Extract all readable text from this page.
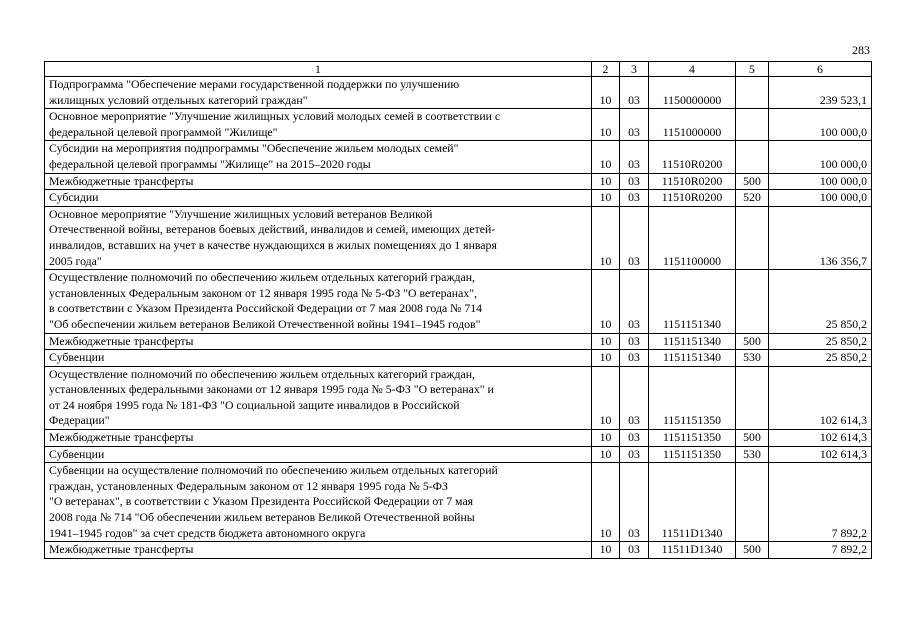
283
1	2	3	4	5	6
Подпрограмма "Обеспечение мерами государственной поддержки по улучшению
жилищных условий отдельных категорий граждан"	10	03	1150000000		239 523,1
Основное мероприятие "Улучшение жилищных условий молодых семей в соответствии с
федеральной целевой программой "Жилище"	10	03	1151000000		100 000,0
Субсидии на мероприятия подпрограммы "Обеспечение жильем молодых семей"
федеральной целевой программы "Жилище" на 2015–2020 годы	10	03	11510R0200		100 000,0
Межбюджетные трансферты	10	03	11510R0200	500	100 000,0
Субсидии	10	03	11510R0200	520	100 000,0
Основное мероприятие "Улучшение жилищных условий ветеранов Великой
Отечественной войны, ветеранов боевых действий, инвалидов и семей, имеющих детей-
инвалидов, вставших на учет в качестве нуждающихся в жилых помещениях до 1 января
2005 года"	10	03	1151100000		136 356,7
Осуществление полномочий по обеспечению жильем отдельных категорий граждан,
установленных Федеральным законом от 12 января 1995 года № 5-ФЗ "О ветеранах",
в соответствии с Указом Президента Российской Федерации от 7 мая 2008 года № 714
"Об обеспечении жильем ветеранов Великой Отечественной войны 1941–1945 годов"	10	03	1151151340		25 850,2
Межбюджетные трансферты	10	03	1151151340	500	25 850,2
Субвенции	10	03	1151151340	530	25 850,2
Осуществление полномочий по обеспечению жильем отдельных категорий граждан,
установленных федеральными законами от 12 января 1995 года № 5-ФЗ "О ветеранах" и
от 24 ноября 1995 года № 181-ФЗ "О социальной защите инвалидов в Российской
Федерации"	10	03	1151151350		102 614,3
Межбюджетные трансферты	10	03	1151151350	500	102 614,3
Субвенции	10	03	1151151350	530	102 614,3
Субвенции на осуществление полномочий по обеспечению жильем отдельных категорий
граждан, установленных Федеральным законом от 12 января 1995 года № 5-ФЗ
"О ветеранах", в соответствии с Указом Президента Российской Федерации от 7 мая
2008 года № 714 "Об обеспечении жильем ветеранов Великой Отечественной войны
1941–1945 годов" за счет средств бюджета автономного округа	10	03	11511D1340		7 892,2
Межбюджетные трансферты	10	03	11511D1340	500	7 892,2
